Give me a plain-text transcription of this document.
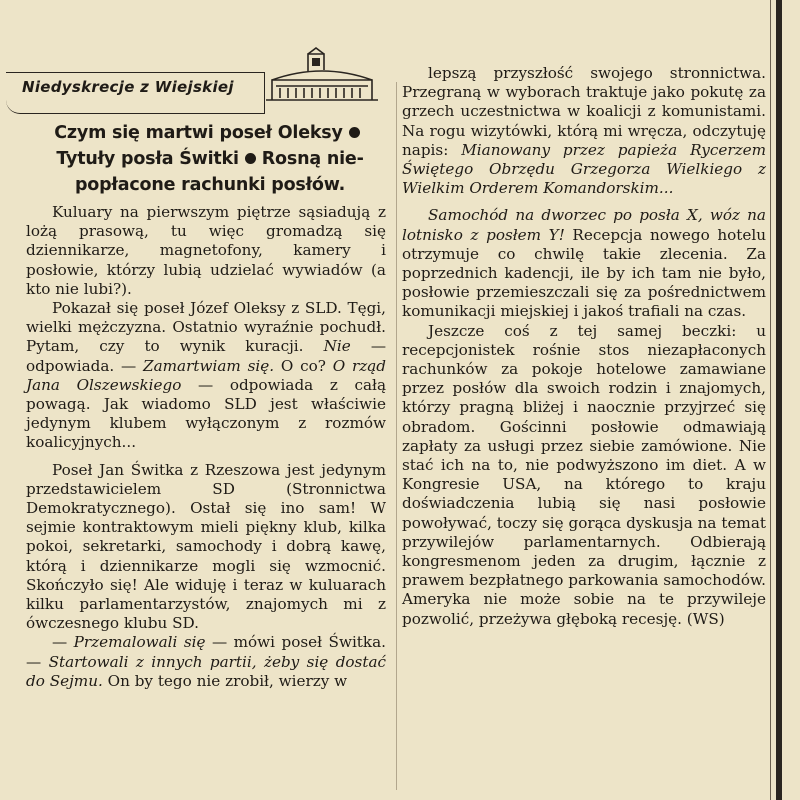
Niedyskrecje z Wiejskiej
Czym się martwi poseł Oleksy
Tytuły posła Świtki Rosną nie-
popłacone rachunki posłów.

Kuluary na pierwszym piętrze sąsiadują z lożą prasową, tu więc gromadzą się dziennikarze, magnetofony, kamery i posłowie, którzy lubią udzielać wywiadów (a kto nie lubi?).

Pokazał się poseł Józef Oleksy z SLD. Tęgi, wielki mężczyzna. Ostatnio wyraźnie pochudł. Pytam, czy to wynik kuracji. Nie — odpowiada. — Zamartwiam się. O co? O rząd Jana Olszewskiego — odpowiada z całą powagą. Jak wiadomo SLD jest właściwie jedynym klubem wyłączonym z rozmów koalicyjnych...

Poseł Jan Świtka z Rzeszowa jest jedynym przedstawicielem SD (Stronnictwa Demokratycznego). Ostał się ino sam! W sejmie kontraktowym mieli piękny klub, kilka pokoi, sekretarki, samochody i dobrą kawę, którą i dziennikarze mogli się wzmocnić. Skończyło się! Ale widuję i teraz w kuluarach kilku parlamentarzystów, znajomych mi z ówczesnego klubu SD.

— Przemalowali się — mówi poseł Świtka. — Startowali z innych partii, żeby się dostać do Sejmu. On by tego nie zrobił, wierzy w

lepszą przyszłość swojego stronnictwa. Przegraną w wyborach traktuje jako pokutę za grzech uczestnictwa w koalicji z komunistami. Na rogu wizytówki, którą mi wręcza, odczytuję napis: Mianowany przez papieża Rycerzem Świętego Obrzędu Grzegorza Wielkiego z Wielkim Orderem Komandorskim...

Samochód na dworzec po posła X, wóz na lotnisko z posłem Y! Recepcja nowego hotelu otrzymuje co chwilę takie zlecenia. Za poprzednich kadencji, ile by ich tam nie było, posłowie przemieszczali się za pośrednictwem komunikacji miejskiej i jakoś trafiali na czas.

Jeszcze coś z tej samej beczki: u recepcjonistek rośnie stos niezapłaconych rachunków za pokoje hotelowe zamawiane przez posłów dla swoich rodzin i znajomych, którzy pragną bliżej i naocznie przyjrzeć się obradom. Gościnni posłowie odmawiają zapłaty za usługi przez siebie zamówione. Nie stać ich na to, nie podwyższono im diet. A w Kongresie USA, na którego to kraju doświadczenia lubią się nasi posłowie powoływać, toczy się gorąca dyskusja na temat przywilejów parlamentarnych. Odbierają kongresmenom jeden za drugim, łącznie z prawem bezpłatnego parkowania samochodów. Ameryka nie może sobie na te przywileje pozwolić, przeżywa głęboką recesję. (WS)
